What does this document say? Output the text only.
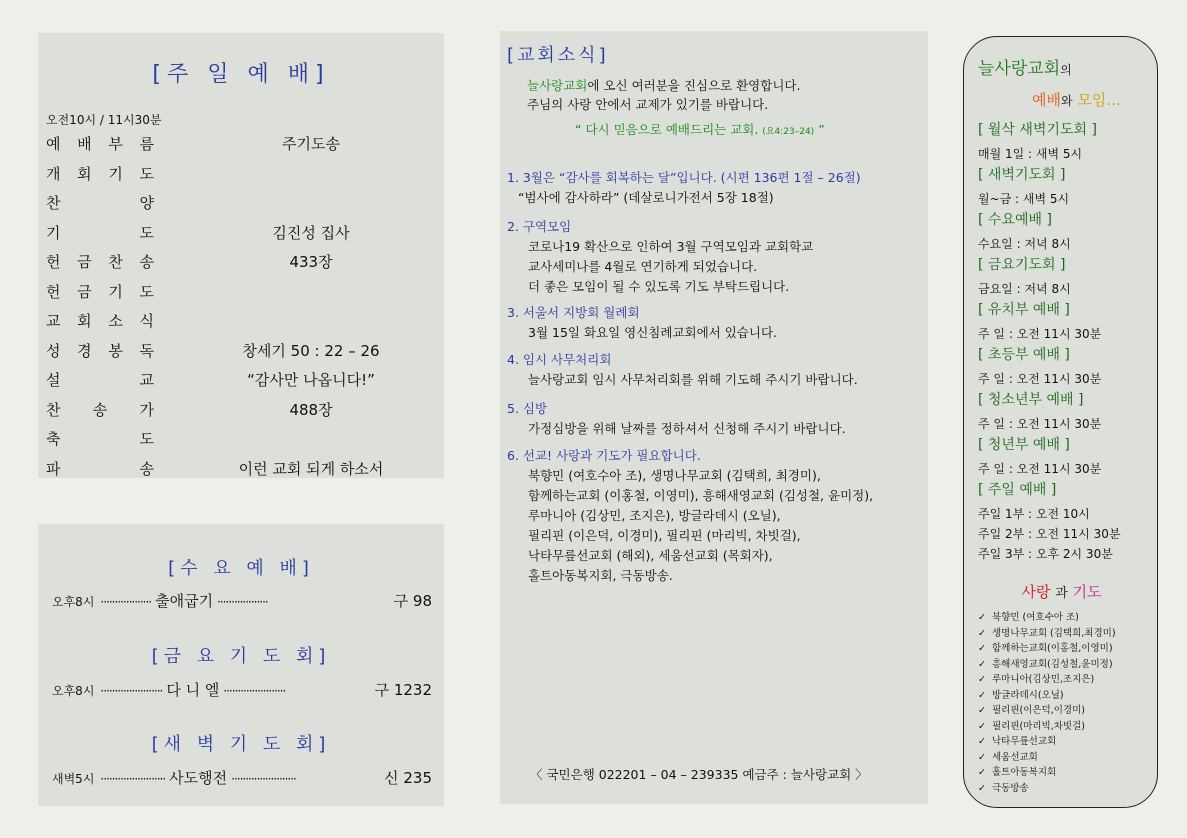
[주 일 예 배]
오전10시 / 11시30분
예 배 부 름	주기도송
개 회 기 도
찬	양
기	도	김진성 집사
헌 금 찬 송	433장
헌 금 기 도
교 회 소 식
성 경 봉 독	창세기 50 : 22 – 26
설	교	“감사만 나옵니다!”
찬 송 가	488장
축	도
파	송	이런 교회 되게 하소서
[수 요 예 배]
오후8시 ·················· 출애굽기 ··················	구 98
[금 요 기 도 회]
오후8시 ······················ 다 니 엘 ······················	구 1232
[새 벽 기 도 회]
새벽5시 ······················· 사도행전 ·······················	신 235
[교회소식]
늘사랑교회에 오신 여러분을 진심으로 환영합니다.
주님의 사랑 안에서 교제가 있기를 바랍니다.
“ 다시 믿음으로 예배드리는 교회. (요4:23–24) ”
1. 3월은 “감사를 회복하는 달”입니다. (시편 136편 1절 – 26절)
“범사에 감사하라” (데살로니가전서 5장 18절)
2. 구역모임
코로나19 확산으로 인하여 3월 구역모임과 교회학교
교사세미나를 4월로 연기하게 되었습니다.
더 좋은 모임이 될 수 있도록 기도 부탁드립니다.
3. 서울서 지방회 월례회
3월 15일 화요일 영신침례교회에서 있습니다.
4. 임시 사무처리회
늘사랑교회 임시 사무처리회를 위해 기도해 주시기 바랍니다.
5. 심방
가정심방을 위해 날짜를 정하셔서 신청해 주시기 바랍니다.
6. 선교! 사랑과 기도가 필요합니다.
북향민 (여호수아 조), 생명나무교회 (김택희, 최경미),
함께하는교회 (이홍철, 이영미), 흥해새영교회 (김성철, 윤미정),
루마니아 (김상민, 조지은), 방글라데시 (오닐),
필리핀 (이은덕, 이경미), 필리핀 (마리빅, 차빗걸),
낙타무릎선교회 (해외), 세움선교회 (목회자),
홀트아동복지회, 극동방송.
〈 국민은행 022201 – 04 – 239335 예금주 : 늘사랑교회 〉
늘사랑교회의
예배와 모임...
[ 월삭 새벽기도회 ]
매월 1일 : 새벽 5시
[ 새벽기도회 ]
월~금 : 새벽 5시
[ 수요예배 ]
수요일 : 저녁 8시
[ 금요기도회 ]
금요일 : 저녁 8시
[ 유치부 예배 ]
주 일 : 오전 11시 30분
[ 초등부 예배 ]
주 일 : 오전 11시 30분
[ 청소년부 예배 ]
주 일 : 오전 11시 30분
[ 청년부 예배 ]
주 일 : 오전 11시 30분
[ 주일 예배 ]
주일 1부 : 오전 10시
주일 2부 : 오전 11시 30분
주일 3부 : 오후 2시 30분
사랑 과 기도
✓ 북향민 (여호수아 조)
✓ 생명나무교회 (김택희,최경미)
✓ 함께하는교회(이홍철,이영미)
✓ 흥해새영교회(김성철,윤미정)
✓ 루마니아(김상민,조지은)
✓ 방글라데시(오닐)
✓ 필리핀(이은덕,이경미)
✓ 필리핀(마리빅,차빗걸)
✓ 낙타무릎선교회
✓ 세움선교회
✓ 홀트아동복지회
✓ 극동방송
